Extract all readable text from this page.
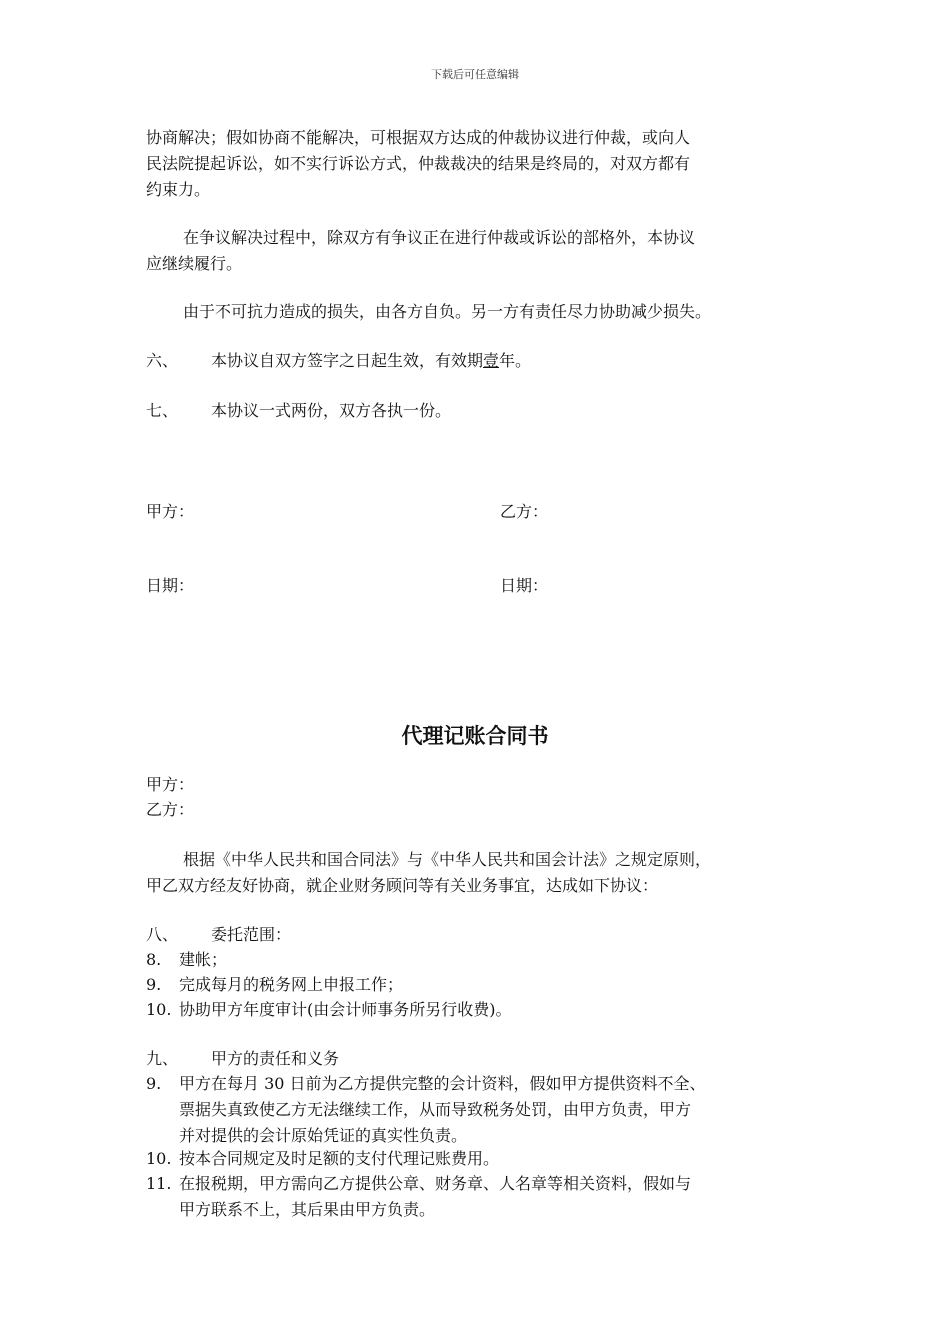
下载后可任意编辑
协商解决；假如协商不能解决，可根据双方达成的仲裁协议进行仲裁，或向人
民法院提起诉讼，如不实行诉讼方式，仲裁裁决的结果是终局的，对双方都有
约束力。
在争议解决过程中，除双方有争议正在进行仲裁或诉讼的部格外，本协议
应继续履行。
由于不可抗力造成的损失，由各方自负。另一方有责任尽力协助减少损失。
六、 本协议自双方签字之日起生效，有效期壹年。
七、 本协议一式两份，双方各执一份。
甲方：	乙方：
日期：	日期：
代理记账合同书
甲方：
乙方：
根据《中华人民共和国合同法》与《中华人民共和国会计法》之规定原则，
甲乙双方经友好协商，就企业财务顾问等有关业务事宜，达成如下协议：
八、 委托范围：
8. 建帐；
9. 完成每月的税务网上申报工作；
10. 协助甲方年度审计(由会计师事务所另行收费)。
九、 甲方的责任和义务
9. 甲方在每月 30 日前为乙方提供完整的会计资料，假如甲方提供资料不全、
票据失真致使乙方无法继续工作，从而导致税务处罚，由甲方负责，甲方
并对提供的会计原始凭证的真实性负责。
10. 按本合同规定及时足额的支付代理记账费用。
11. 在报税期，甲方需向乙方提供公章、财务章、人名章等相关资料，假如与
甲方联系不上，其后果由甲方负责。
